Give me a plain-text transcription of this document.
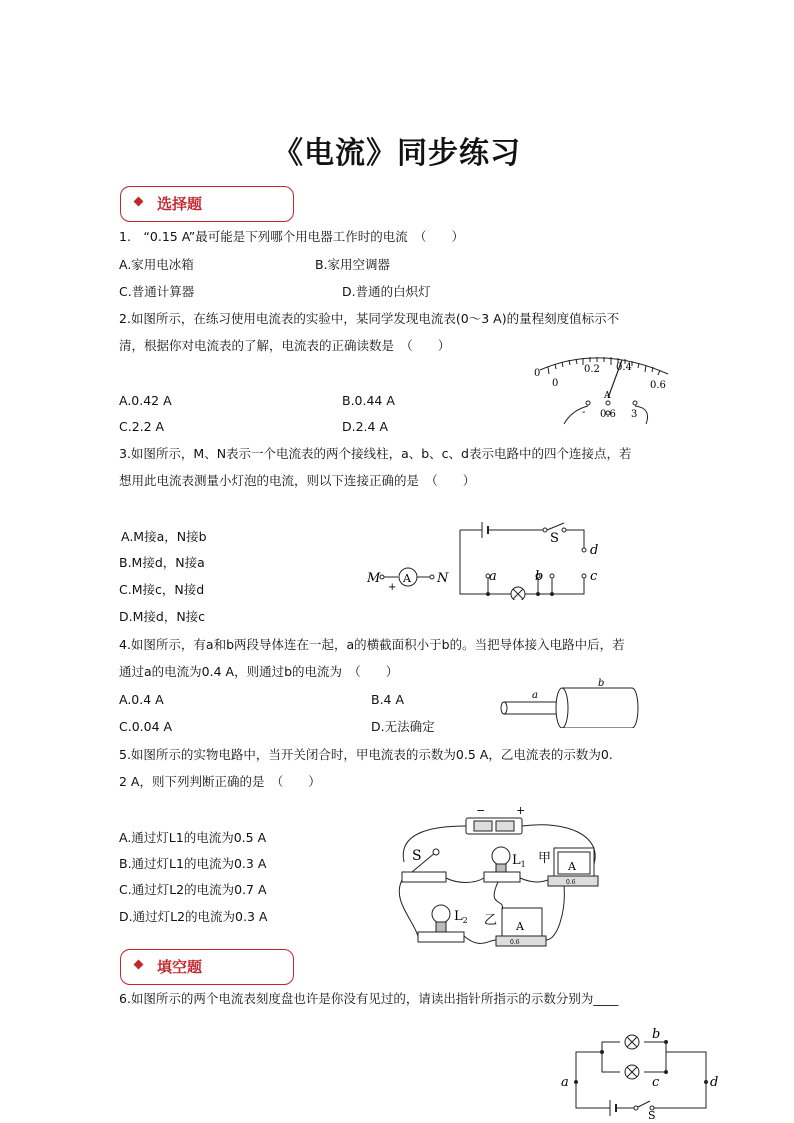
《电流》同步练习
选择题
1.　“0.15 A”最可能是下列哪个用电器工作时的电流　（　　）
A.家用电冰箱	B.家用空调器
C.普通计算器	D.普通的白炽灯
2.如图所示，在练习使用电流表的实验中，某同学发现电流表(0～3 A)的量程刻度值标示不
清，根据你对电流表的了解，电流表的正确读数是　（　　）
A.0.42 A	B.0.44 A
C.2.2 A	D.2.4 A
0
0
0.2 0.4
0.6
A
- 0.6 3
3.如图所示，M、N表示一个电流表的两个接线柱，a、b、c、d表示电路中的四个连接点，若
想用此电流表测量小灯泡的电流，则以下连接正确的是　（　　）
A.M接a，N接b
B.M接d，N接a
C.M接c，N接d
D.M接d，N接c
M A
+
N
S
d
a	b	c
4.如图所示，有a和b两段导体连在一起，a的横截面积小于b的。当把导体接入电路中后，若
通过a的电流为0.4 A，则通过b的电流为　（　　）
A.0.4 A	B.4 A
C.0.04 A	D.无法确定
a
b
5.如图所示的实物电路中，当开关闭合时，甲电流表的示数为0.5 A，乙电流表的示数为0.
2 A，则下列判断正确的是　（　　）
A.通过灯L1的电流为0.5 A
B.通过灯L1的电流为0.3 A
C.通过灯L2的电流为0.7 A
D.通过灯L2的电流为0.3 A
−	+
S	$L_1$ 甲
A
$L_2$ 乙 A
0.6
0.6
填空题
6.如图所示的两个电流表刻度盘也许是你没有见过的，请读出指针所指示的示数分别为____
a
b
c	d
S
